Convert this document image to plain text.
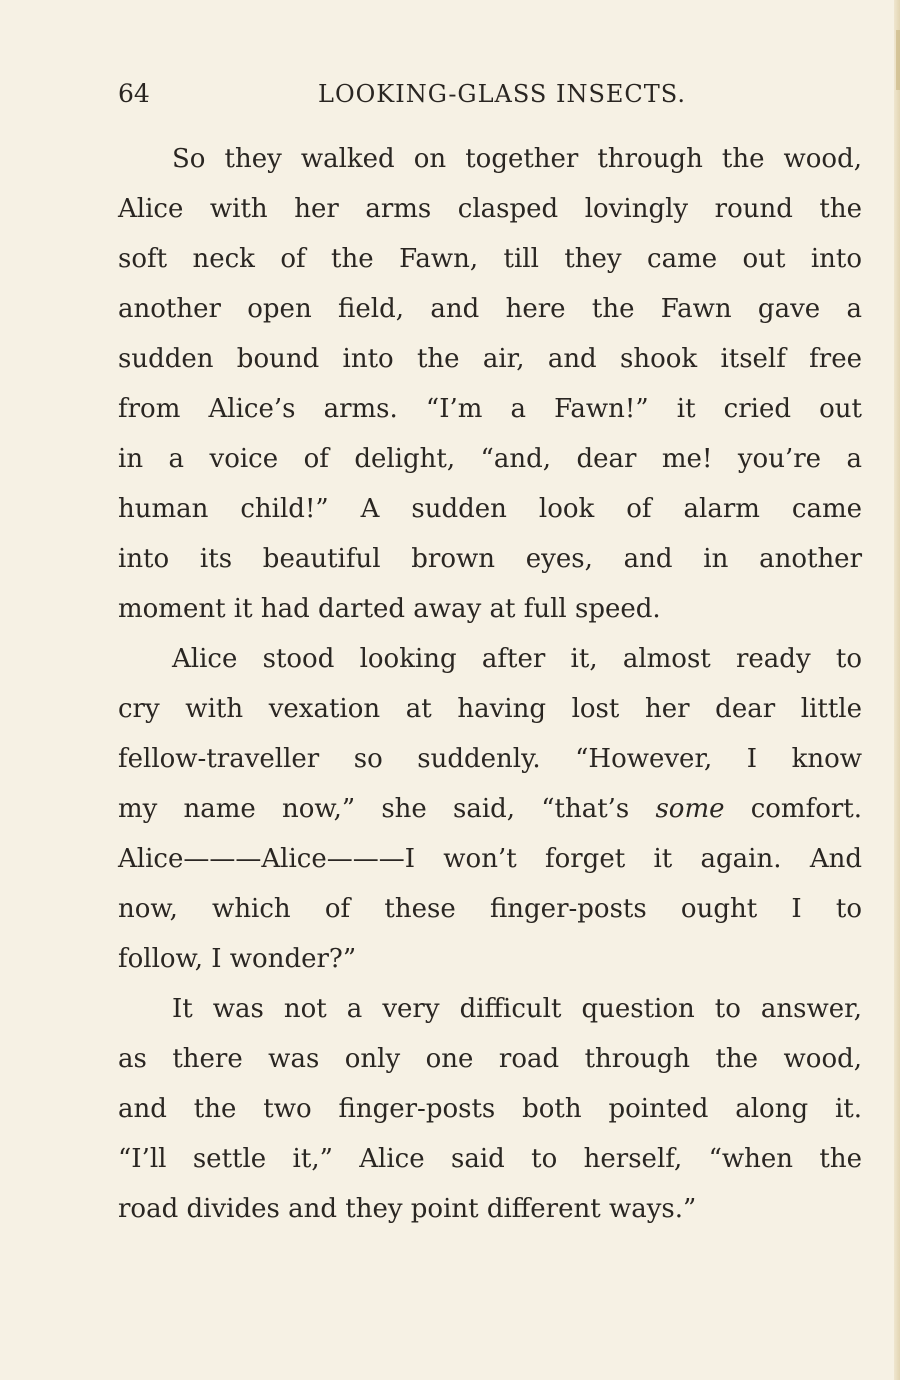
64	LOOKING-GLASS INSECTS.
So they walked on together through the wood,
Alice with her arms clasped lovingly round the
soft neck of the Fawn, till they came out into
another open field, and here the Fawn gave a
sudden bound into the air, and shook itself free
from Alice’s arms. “I’m a Fawn!” it cried out
in a voice of delight, “and, dear me! you’re a
human child!” A sudden look of alarm came
into its beautiful brown eyes, and in another
moment it had darted away at full speed.
Alice stood looking after it, almost ready to
cry with vexation at having lost her dear little
fellow-traveller so suddenly. “However, I know
my name now,” she said, “that’s some comfort.
Alice———Alice———I won’t forget it again. And
now, which of these finger-posts ought I to
follow, I wonder?”
It was not a very difficult question to answer,
as there was only one road through the wood,
and the two finger-posts both pointed along it.
“I’ll settle it,” Alice said to herself, “when the
road divides and they point different ways.”
